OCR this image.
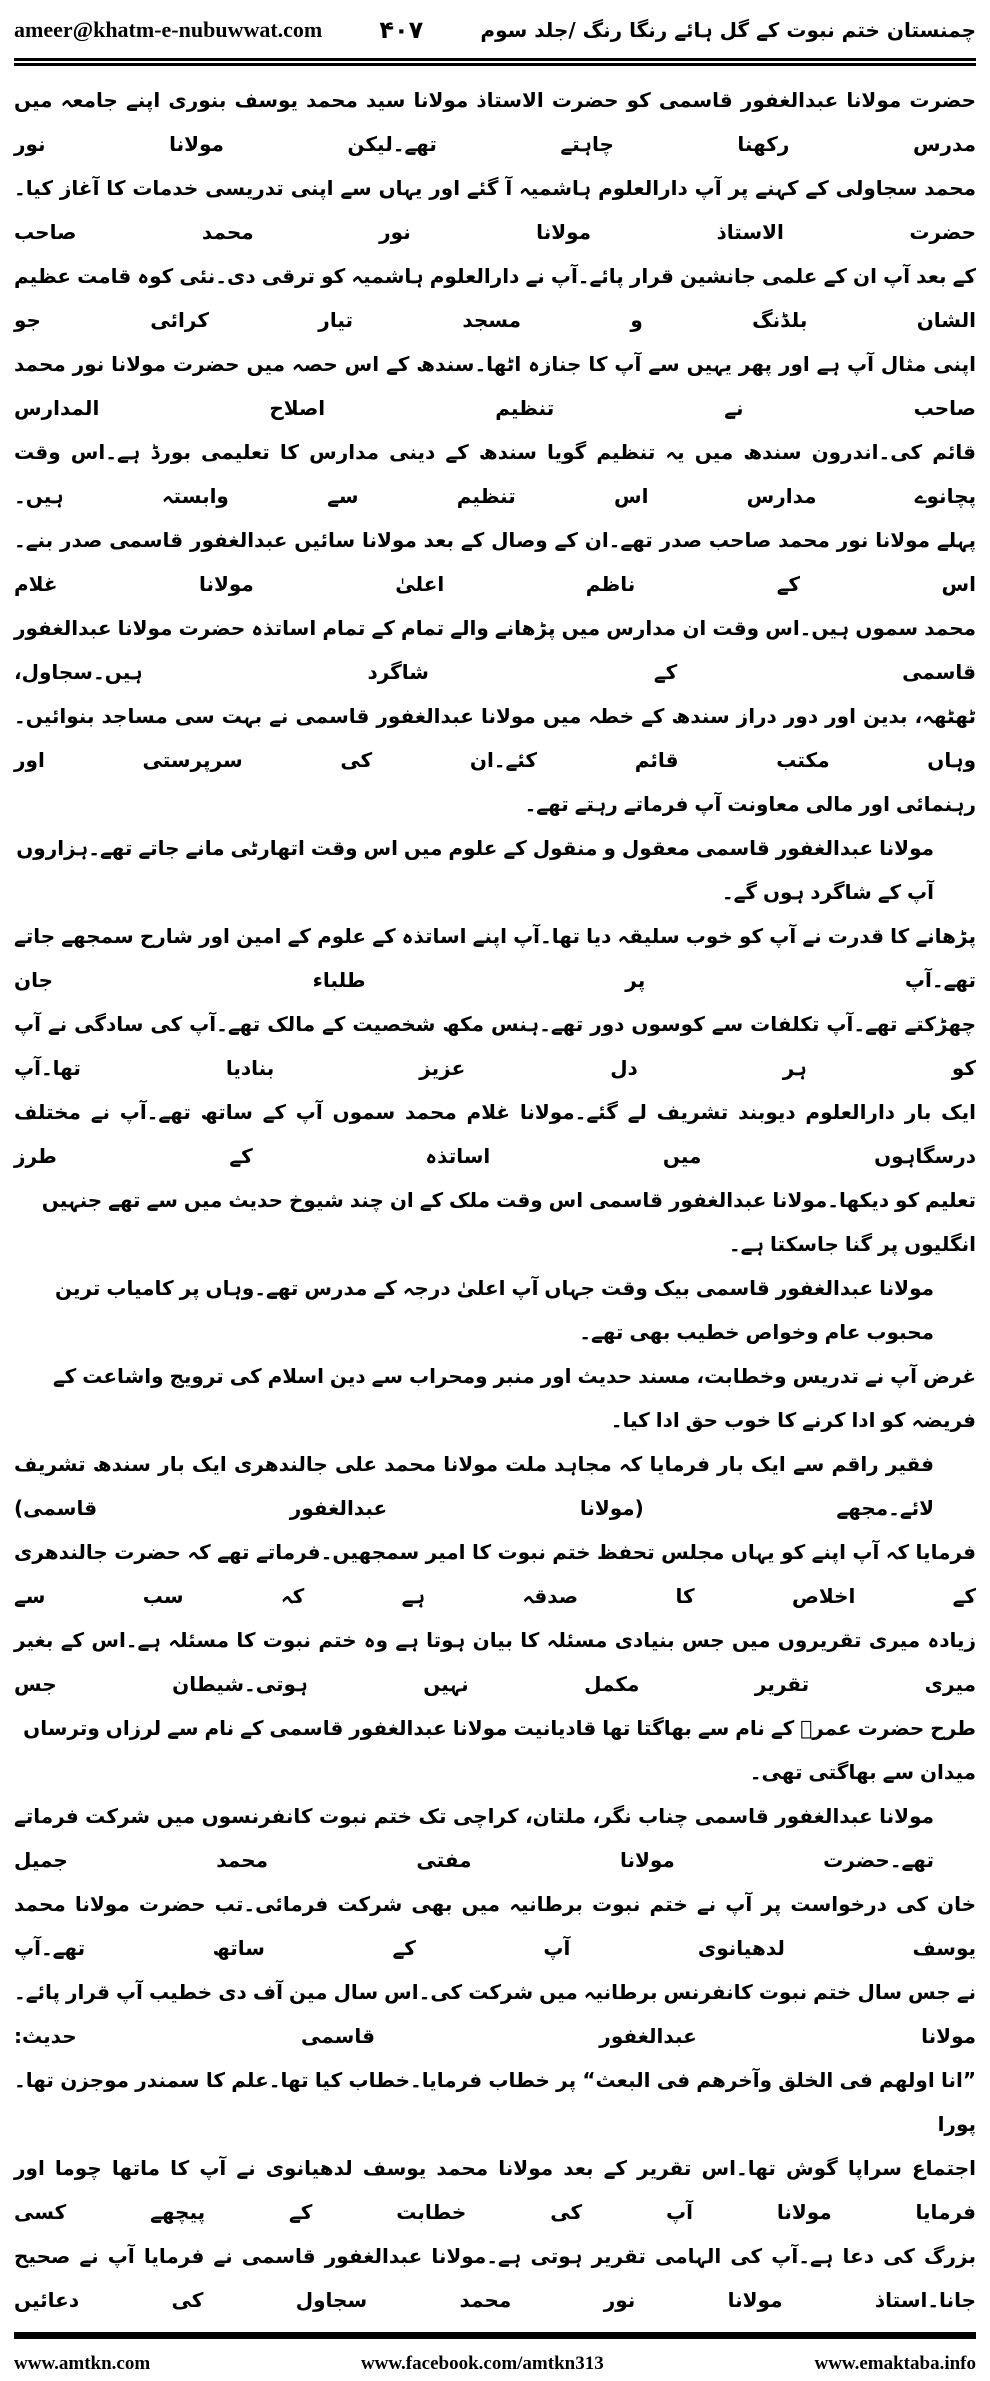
ameer@khatm-e-nubuwwat.com ۴۰۷	چمنستان ختم نبوت کے گل ہائے رنگا رنگ /جلد سوم
حضرت مولانا عبدالغفور قاسمی کو حضرت الاستاذ مولانا سید محمد یوسف بنوری اپنے جامعہ میں مدرس رکھنا چاہتے تھے۔لیکن مولانا نور
محمد سجاولی کے کہنے پر آپ دارالعلوم ہاشمیہ آ گئے اور یہاں سے اپنی تدریسی خدمات کا آغاز کیا۔حضرت الاستاذ مولانا نور محمد صاحب
کے بعد آپ ان کے علمی جانشین قرار پائے۔آپ نے دارالعلوم ہاشمیہ کو ترقی دی۔نئی کوہ قامت عظیم الشان بلڈنگ و مسجد تیار کرائی جو
اپنی مثال آپ ہے اور پھر یہیں سے آپ کا جنازہ اٹھا۔سندھ کے اس حصہ میں حضرت مولانا نور محمد صاحب نے تنظیم اصلاح المدارس
قائم کی۔اندرون سندھ میں یہ تنظیم گویا سندھ کے دینی مدارس کا تعلیمی بورڈ ہے۔اس وقت پچانوے مدارس اس تنظیم سے وابستہ ہیں۔
پہلے مولانا نور محمد صاحب صدر تھے۔ان کے وصال کے بعد مولانا سائیں عبدالغفور قاسمی صدر بنے۔اس کے ناظم اعلیٰ مولانا غلام
محمد سموں ہیں۔اس وقت ان مدارس میں پڑھانے والے تمام کے تمام اساتذہ حضرت مولانا عبدالغفور قاسمی کے شاگرد ہیں۔سجاول،
ٹھٹھہ، بدین اور دور دراز سندھ کے خطہ میں مولانا عبدالغفور قاسمی نے بہت سی مساجد بنوائیں۔وہاں مکتب قائم کئے۔ان کی سرپرستی اور
رہنمائی اور مالی معاونت آپ فرماتے رہتے تھے۔
مولانا عبدالغفور قاسمی معقول و منقول کے علوم میں اس وقت اتھارٹی مانے جاتے تھے۔ہزاروں آپ کے شاگرد ہوں گے۔
پڑھانے کا قدرت نے آپ کو خوب سلیقہ دیا تھا۔آپ اپنے اساتذہ کے علوم کے امین اور شارح سمجھے جاتے تھے۔آپ پر طلباء جان
چھڑکتے تھے۔آپ تکلفات سے کوسوں دور تھے۔ہنس مکھ شخصیت کے مالک تھے۔آپ کی سادگی نے آپ کو ہر دل عزیز بنادیا تھا۔آپ
ایک بار دارالعلوم دیوبند تشریف لے گئے۔مولانا غلام محمد سموں آپ کے ساتھ تھے۔آپ نے مختلف درسگاہوں میں اساتذہ کے طرز
تعلیم کو دیکھا۔مولانا عبدالغفور قاسمی اس وقت ملک کے ان چند شیوخ حدیث میں سے تھے جنہیں انگلیوں پر گنا جاسکتا ہے۔
مولانا عبدالغفور قاسمی بیک وقت جہاں آپ اعلیٰ درجہ کے مدرس تھے۔وہاں پر کامیاب ترین محبوب عام وخواص خطیب بھی تھے۔
غرض آپ نے تدریس وخطابت، مسند حدیث اور منبر ومحراب سے دین اسلام کی ترویج واشاعت کے فریضہ کو ادا کرنے کا خوب حق ادا کیا۔
فقیر راقم سے ایک بار فرمایا کہ مجاہد ملت مولانا محمد علی جالندھری ایک بار سندھ تشریف لائے۔مجھے (مولانا عبدالغفور قاسمی)
فرمایا کہ آپ اپنے کو یہاں مجلس تحفظ ختم نبوت کا امیر سمجھیں۔فرماتے تھے کہ حضرت جالندھری کے اخلاص کا صدقہ ہے کہ سب سے
زیادہ میری تقریروں میں جس بنیادی مسئلہ کا بیان ہوتا ہے وہ ختم نبوت کا مسئلہ ہے۔اس کے بغیر میری تقریر مکمل نہیں ہوتی۔شیطان جس
طرح حضرت عمرؓ کے نام سے بھاگتا تھا قادیانیت مولانا عبدالغفور قاسمی کے نام سے لرزاں وترساں میدان سے بھاگتی تھی۔
مولانا عبدالغفور قاسمی چناب نگر، ملتان، کراچی تک ختم نبوت کانفرنسوں میں شرکت فرماتے تھے۔حضرت مولانا مفتی محمد جمیل
خان کی درخواست پر آپ نے ختم نبوت برطانیہ میں بھی شرکت فرمائی۔تب حضرت مولانا محمد یوسف لدھیانوی آپ کے ساتھ تھے۔آپ
نے جس سال ختم نبوت کانفرنس برطانیہ میں شرکت کی۔اس سال مین آف دی خطیب آپ قرار پائے۔مولانا عبدالغفور قاسمی حدیث:
”انا اولھم فی الخلق وآخرھم فی البعث“ پر خطاب فرمایا۔خطاب کیا تھا۔علم کا سمندر موجزن تھا۔پورا
اجتماع سراپا گوش تھا۔اس تقریر کے بعد مولانا محمد یوسف لدھیانوی نے آپ کا ماتھا چوما اور فرمایا مولانا آپ کی خطابت کے پیچھے کسی
بزرگ کی دعا ہے۔آپ کی الہامی تقریر ہوتی ہے۔مولانا عبدالغفور قاسمی نے فرمایا آپ نے صحیح جانا۔استاذ مولانا نور محمد سجاول کی دعائیں
www.amtkn.com	www.facebook.com/amtkn313	www.emaktaba.info
